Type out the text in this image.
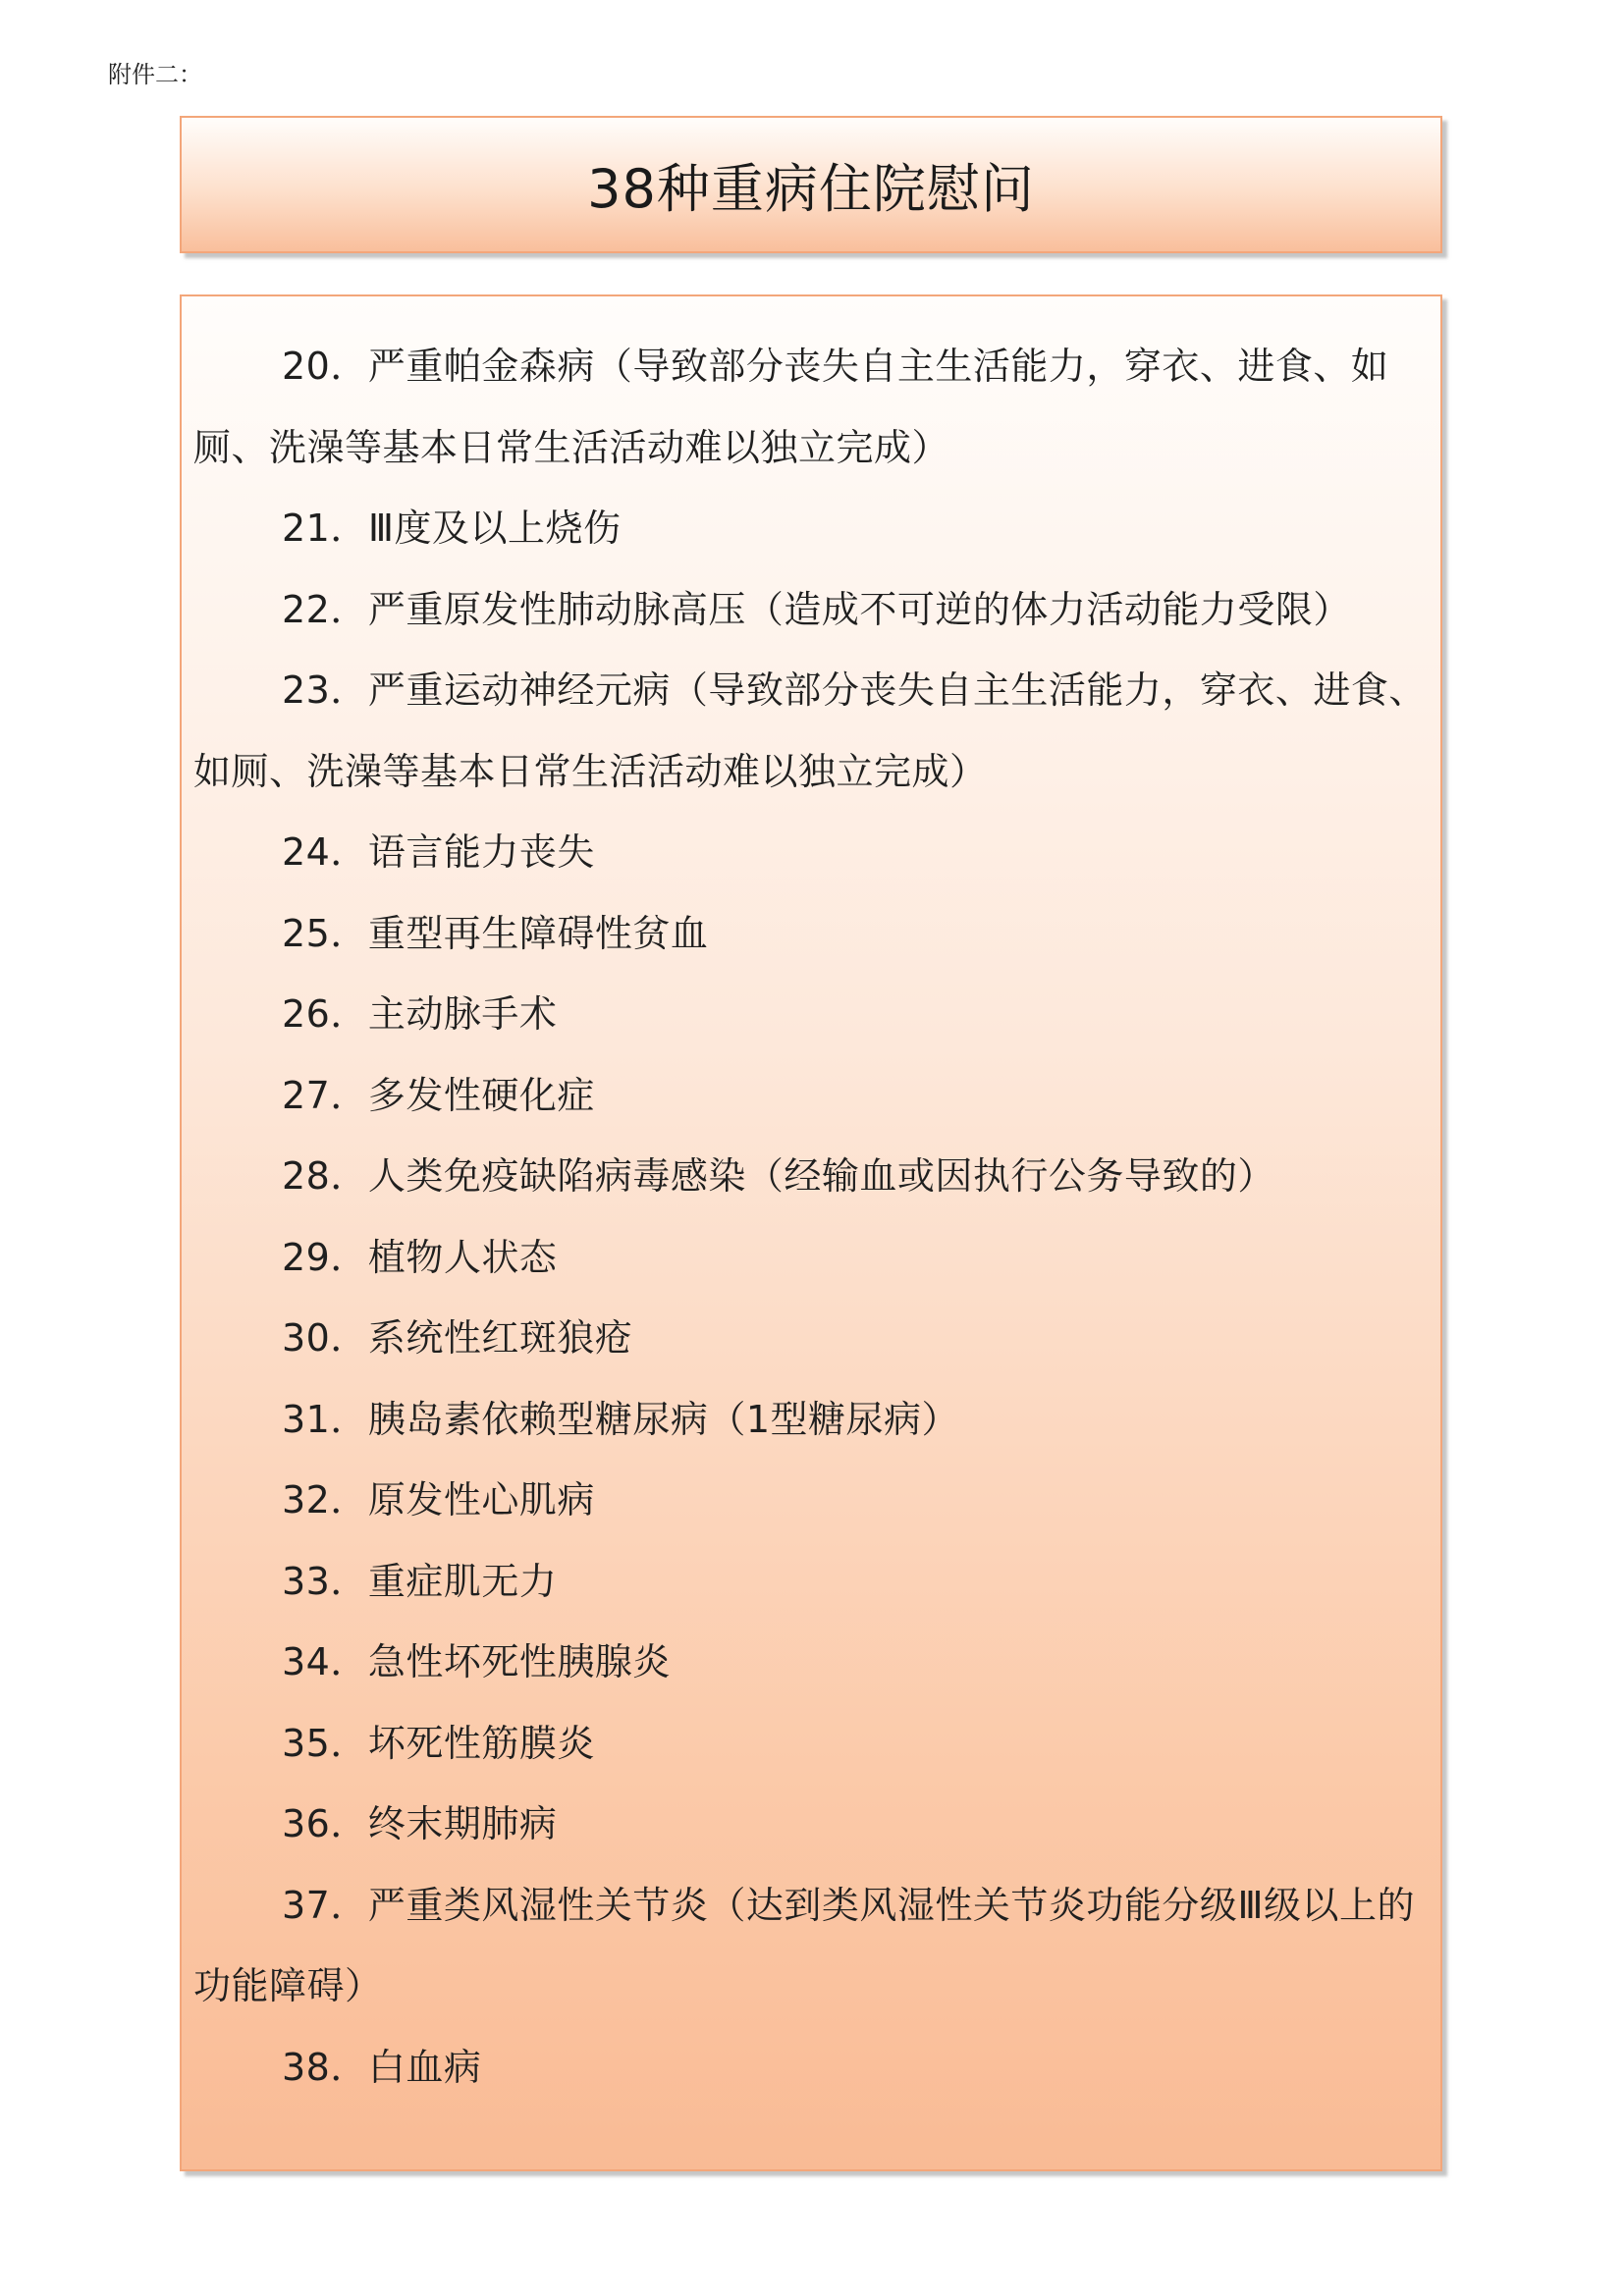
附件二：
38种重病住院慰问

20．严重帕金森病（导致部分丧失自主生活能力，穿衣、进食、如厕、洗澡等基本日常生活活动难以独立完成）

21．Ⅲ度及以上烧伤

22．严重原发性肺动脉高压（造成不可逆的体力活动能力受限）

23．严重运动神经元病（导致部分丧失自主生活能力，穿衣、进食、如厕、洗澡等基本日常生活活动难以独立完成）

24．语言能力丧失

25．重型再生障碍性贫血

26．主动脉手术

27．多发性硬化症

28．人类免疫缺陷病毒感染（经输血或因执行公务导致的）

29．植物人状态

30．系统性红斑狼疮

31．胰岛素依赖型糖尿病（1型糖尿病）

32．原发性心肌病

33．重症肌无力

34．急性坏死性胰腺炎

35．坏死性筋膜炎

36．终末期肺病

37．严重类风湿性关节炎（达到类风湿性关节炎功能分级Ⅲ级以上的功能障碍）

38．白血病
